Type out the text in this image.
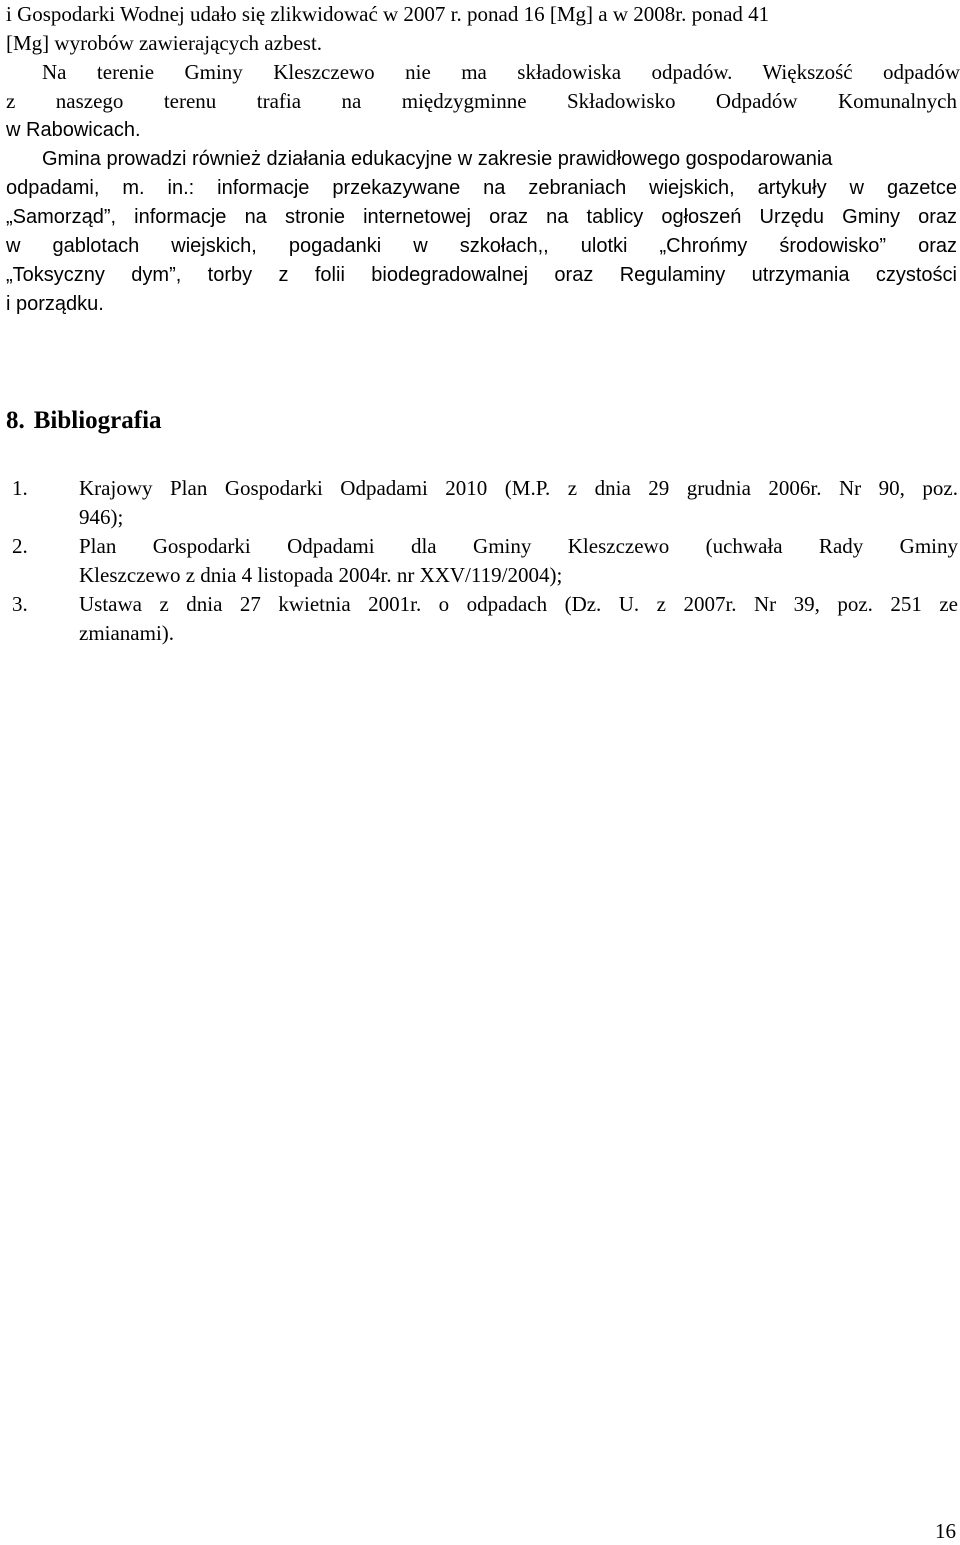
i Gospodarki Wodnej udało się zlikwidować w 2007 r. ponad 16 [Mg] a w 2008r. ponad 41
[Mg] wyrobów zawierających azbest.
Na terenie Gminy Kleszczewo nie ma składowiska odpadów. Większość odpadów
z naszego terenu trafia na międzygminne Składowisko Odpadów Komunalnych
w Rabowicach.
Gmina prowadzi również działania edukacyjne w zakresie prawidłowego gospodarowania
odpadami, m. in.: informacje przekazywane na zebraniach wiejskich, artykuły w gazetce
„Samorząd”, informacje na stronie internetowej oraz na tablicy ogłoszeń Urzędu Gminy oraz
w gablotach wiejskich, pogadanki w szkołach,, ulotki „Chrońmy środowisko” oraz
„Toksyczny dym”, torby z folii biodegradowalnej oraz Regulaminy utrzymania czystości
i porządku.
8. Bibliografia
1.	Krajowy Plan Gospodarki Odpadami 2010 (M.P. z dnia 29 grudnia 2006r. Nr 90, poz.
946);
2.	Plan Gospodarki Odpadami dla Gminy Kleszczewo (uchwała Rady Gminy
Kleszczewo z dnia 4 listopada 2004r. nr XXV/119/2004);
3.	Ustawa z dnia 27 kwietnia 2001r. o odpadach (Dz. U. z 2007r. Nr 39, poz. 251 ze
zmianami).
16
